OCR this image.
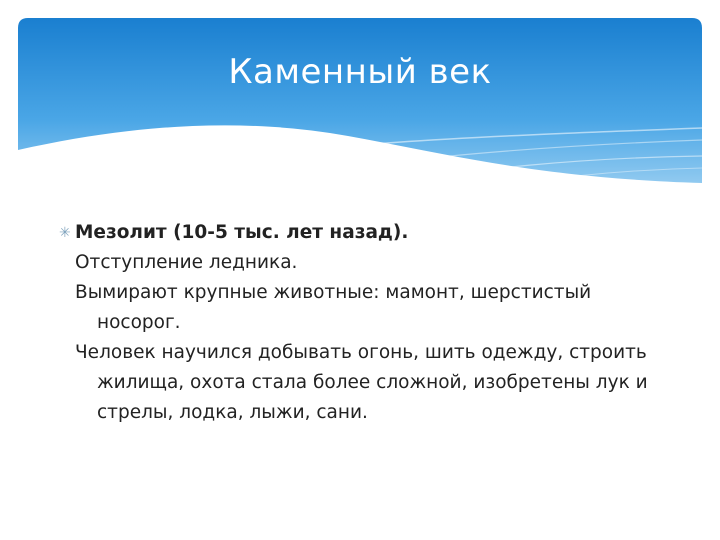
Каменный век
✳ Мезолит (10-5 тыс. лет назад).
Отступление ледника.
Вымирают крупные животные: мамонт, шерстистый носорог.
Человек научился добывать огонь, шить одежду, строить жилища, охота стала более сложной, изобретены лук и стрелы, лодка, лыжи, сани.
